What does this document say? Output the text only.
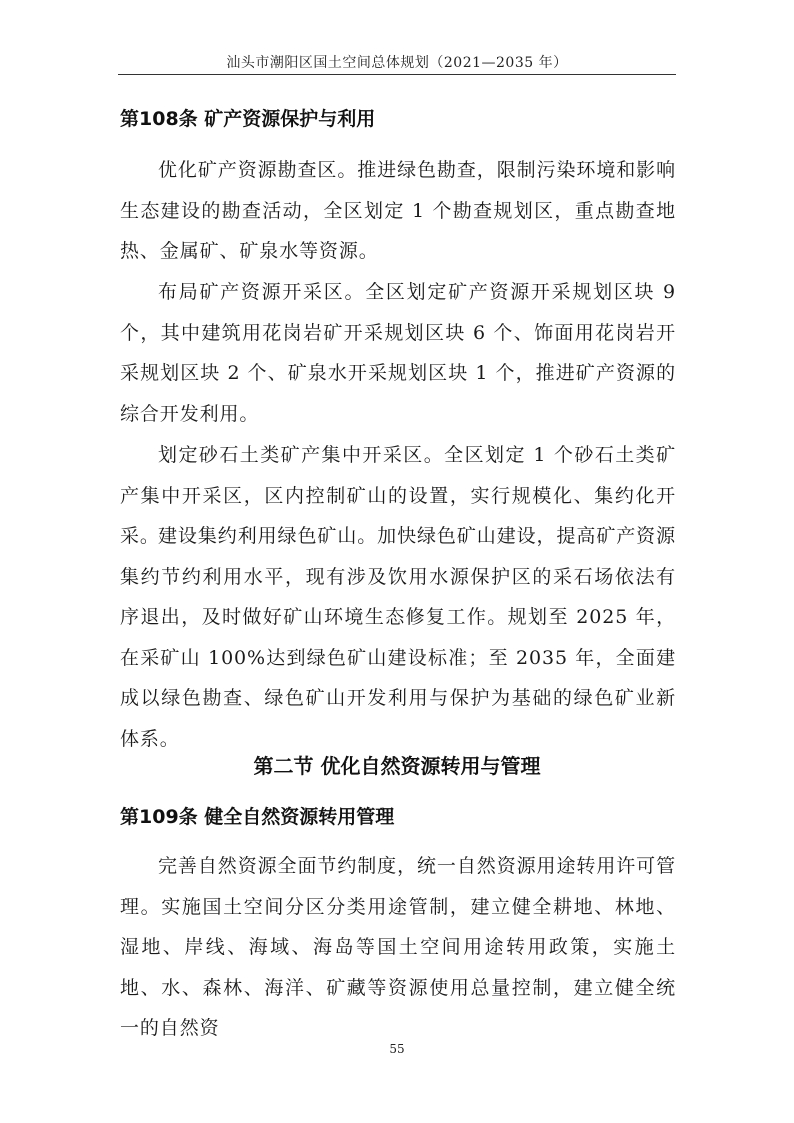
汕头市潮阳区国土空间总体规划（2021—2035 年）
第108条 矿产资源保护与利用

优化矿产资源勘查区。推进绿色勘查，限制污染环境和影响生态建设的勘查活动，全区划定 1 个勘查规划区，重点勘查地热、金属矿、矿泉水等资源。

布局矿产资源开采区。全区划定矿产资源开采规划区块 9 个，其中建筑用花岗岩矿开采规划区块 6 个、饰面用花岗岩开采规划区块 2 个、矿泉水开采规划区块 1 个，推进矿产资源的综合开发利用。

划定砂石土类矿产集中开采区。全区划定 1 个砂石土类矿产集中开采区，区内控制矿山的设置，实行规模化、集约化开采。

建设集约利用绿色矿山。加快绿色矿山建设，提高矿产资源集约节约利用水平，现有涉及饮用水源保护区的采石场依法有序退出，及时做好矿山环境生态修复工作。规划至 2025 年，在采矿山 100%达到绿色矿山建设标准；至 2035 年，全面建成以绿色勘查、绿色矿山开发利用与保护为基础的绿色矿业新体系。

第二节 优化自然资源转用与管理
第109条 健全自然资源转用管理

完善自然资源全面节约制度，统一自然资源用途转用许可管理。实施国土空间分区分类用途管制，建立健全耕地、林地、湿地、岸线、海域、海岛等国土空间用途转用政策，实施土地、水、森林、海洋、矿藏等资源使用总量控制，建立健全统一的自然资

55
